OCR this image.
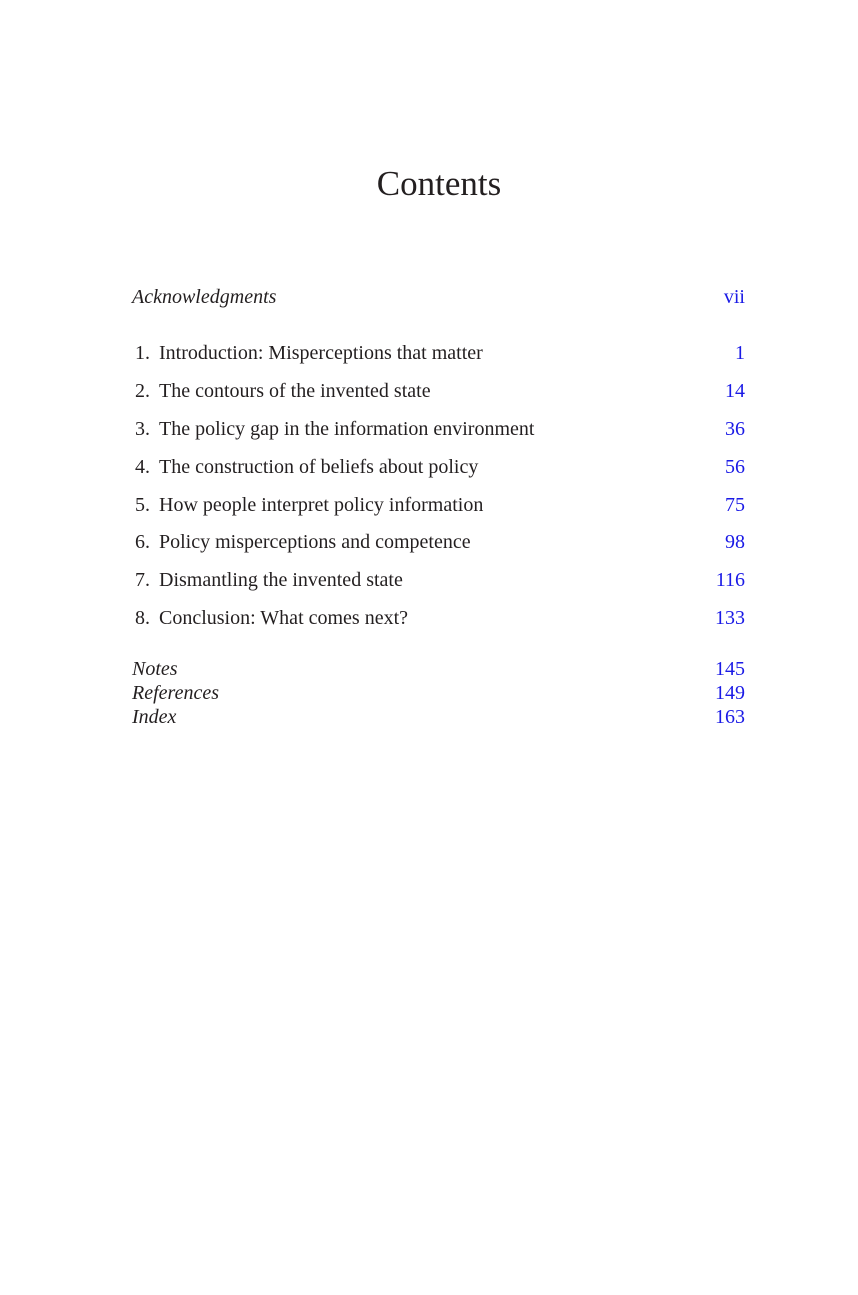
Contents
Acknowledgments	vii
1. Introduction: Misperceptions that matter	1
2. The contours of the invented state	14
3. The policy gap in the information environment	36
4. The construction of beliefs about policy	56
5. How people interpret policy information	75
6. Policy misperceptions and competence	98
7. Dismantling the invented state	116
8. Conclusion: What comes next?	133
Notes	145
References	149
Index	163
